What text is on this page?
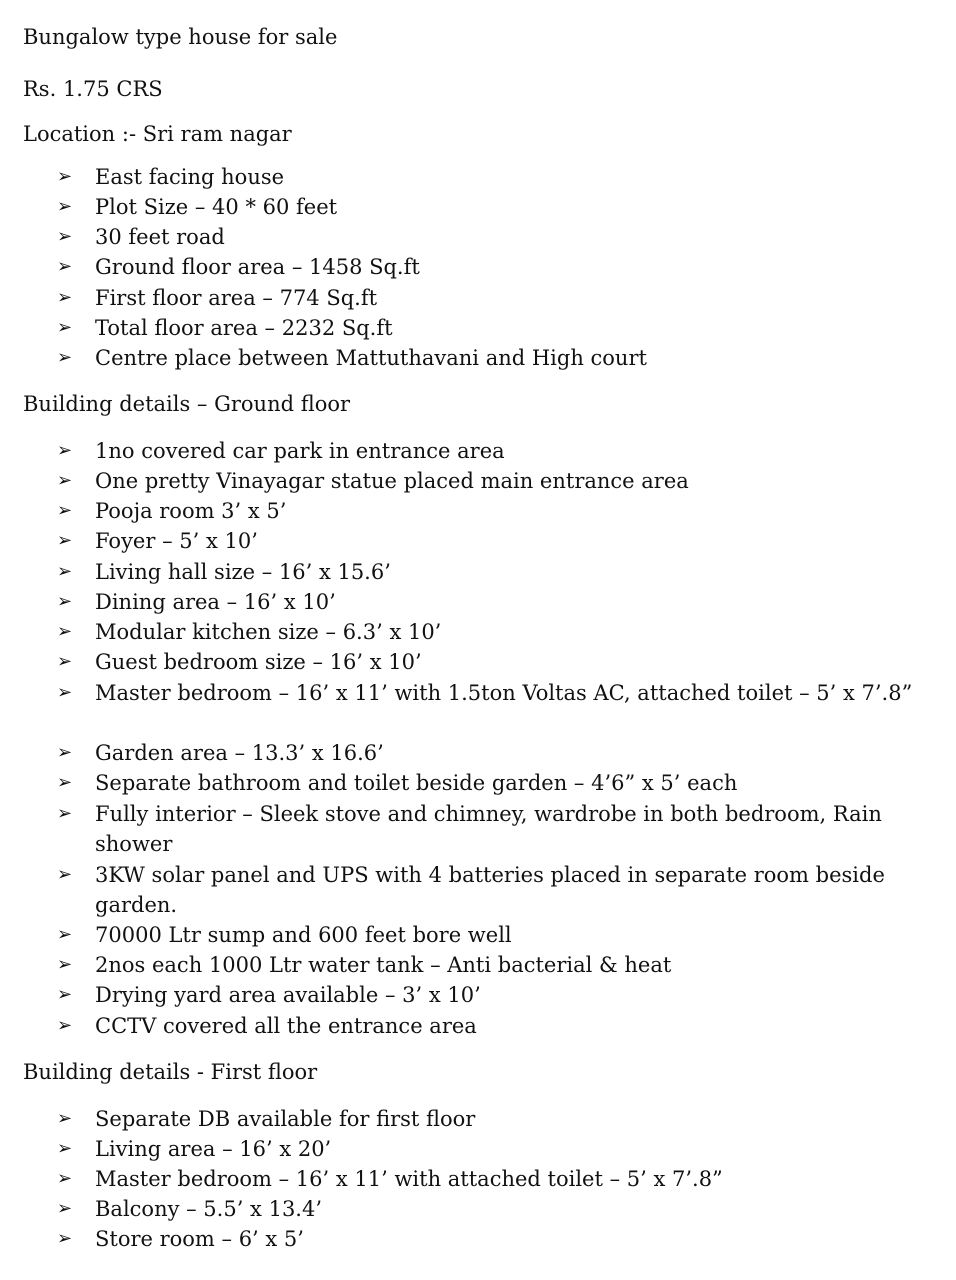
Bungalow type house for sale
Rs. 1.75 CRS
Location :- Sri ram nagar
➢	East facing house
➢	Plot Size – 40 * 60 feet
➢	30 feet road
➢	Ground floor area – 1458 Sq.ft
➢	First floor area – 774 Sq.ft
➢	Total floor area – 2232 Sq.ft
➢	Centre place between Mattuthavani and High court
Building details – Ground floor
➢	1no covered car park in entrance area
➢	One pretty Vinayagar statue placed main entrance area
➢	Pooja room 3’ x 5’
➢	Foyer – 5’ x 10’
➢	Living hall size – 16’ x 15.6’
➢	Dining area – 16’ x 10’
➢	Modular kitchen size – 6.3’ x 10’
➢	Guest bedroom size – 16’ x 10’
➢	Master bedroom – 16’ x 11’ with 1.5ton Voltas AC, attached toilet – 5’ x 7’.8”
➢	Garden area – 13.3’ x 16.6’
➢	Separate bathroom and toilet beside garden – 4’6” x 5’ each
➢	Fully interior – Sleek stove and chimney, wardrobe in both bedroom, Rain shower
➢	3KW solar panel and UPS with 4 batteries placed in separate room beside garden.
➢	70000 Ltr sump and 600 feet bore well
➢	2nos each 1000 Ltr water tank – Anti bacterial & heat
➢	Drying yard area available – 3’ x 10’
➢	CCTV covered all the entrance area
Building details - First floor
➢	Separate DB available for first floor
➢	Living area – 16’ x 20’
➢	Master bedroom – 16’ x 11’ with attached toilet – 5’ x 7’.8”
➢	Balcony – 5.5’ x 13.4’
➢	Store room – 6’ x 5’
